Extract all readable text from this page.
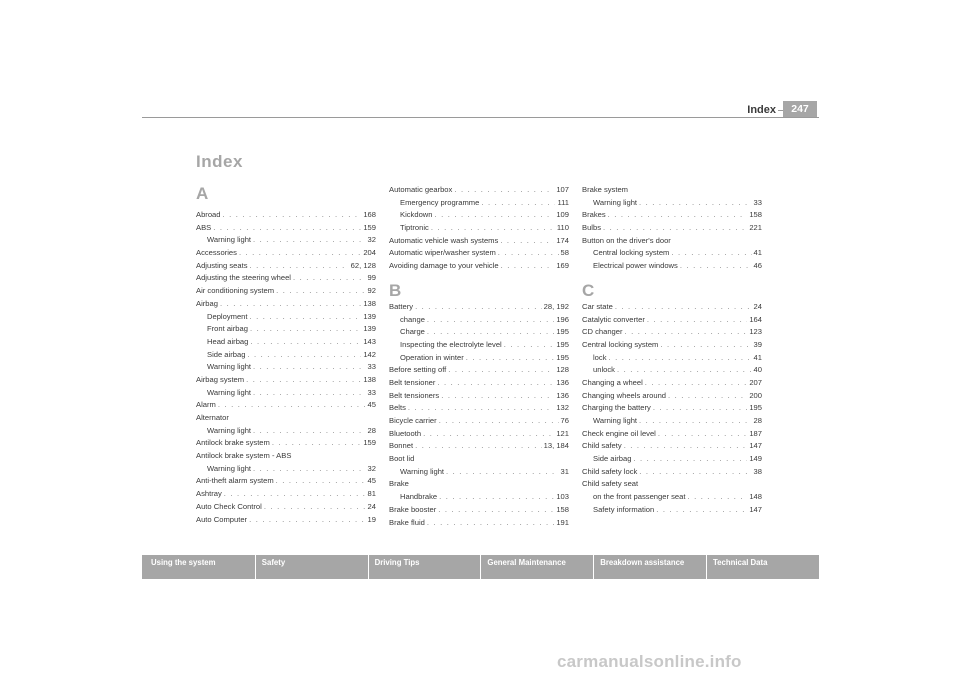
Index	247
Index
A
Abroad . . .	168
ABS . . .	159
Warning light . . .	32
Accessories . . .	204
Adjusting seats . . .	62, 128
Adjusting the steering wheel . . .	99
Air conditioning system . . .	92
Airbag . . .	138
Deployment . . .	139
Front airbag . . .	139
Head airbag . . .	143
Side airbag . . .	142
Warning light . . .	33
Airbag system . . .	138
Warning light . . .	33
Alarm . . .	45
Alternator
Warning light . . .	28
Antilock brake system . . .	159
Antilock brake system - ABS
Warning light . . .	32
Anti-theft alarm system . . .	45
Ashtray . . .	81
Auto Check Control . . .	24
Auto Computer . . .	19
Automatic gearbox . . .	107
Emergency programme . . .	111
Kickdown . . .	109
Tiptronic . . .	110
Automatic vehicle wash systems . . .	174
Automatic wiper/washer system . . .	58
Avoiding damage to your vehicle . . .	169
B
Battery . . .	28, 192
change . . .	196
Charge . . .	195
Inspecting the electrolyte level . . .	195
Operation in winter . . .	195
Before setting off . . .	128
Belt tensioner . . .	136
Belt tensioners . . .	136
Belts . . .	132
Bicycle carrier . . .	76
Bluetooth . . .	121
Bonnet . . .	13, 184
Boot lid
Warning light . . .	31
Brake
Handbrake . . .	103
Brake booster . . .	158
Brake fluid . . .	191
Brake system
Warning light . . .	33
Brakes . . .	158
Bulbs . . .	221
Button on the driver's door
Central locking system . . .	41
Electrical power windows . . .	46
C
Car state . . .	24
Catalytic converter . . .	164
CD changer . . .	123
Central locking system . . .	39
lock . . .	41
unlock . . .	40
Changing a wheel . . .	207
Changing wheels around . . .	200
Charging the battery . . .	195
Warning light . . .	28
Check engine oil level . . .	187
Child safety . . .	147
Side airbag . . .	149
Child safety lock . . .	38
Child safety seat
on the front passenger seat . . .	148
Safety information . . .	147
Using the system	Safety	Driving Tips	General Maintenance	Breakdown assistance	Technical Data
carmanualsonline.info
